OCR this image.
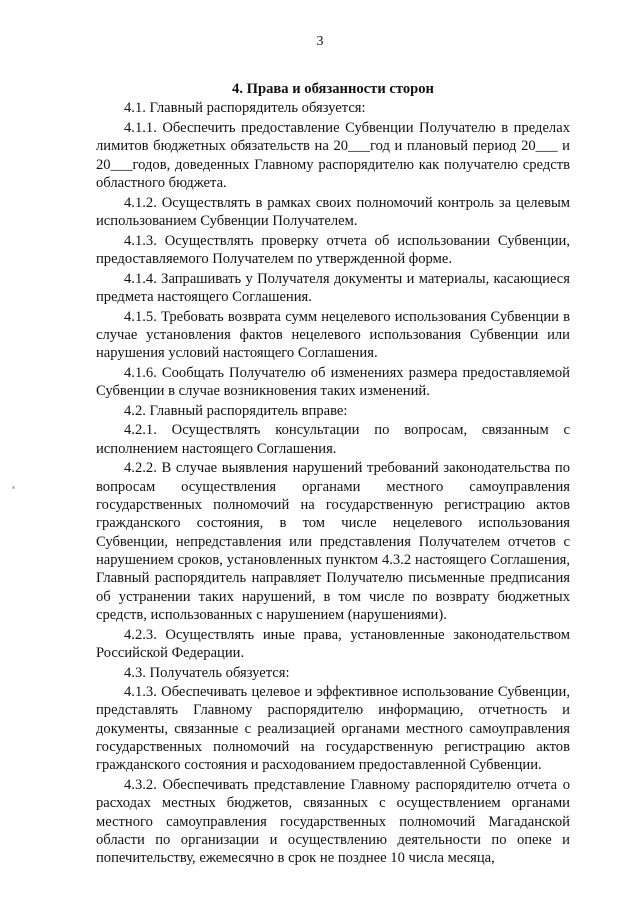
3
4. Права и обязанности сторон

4.1. Главный распорядитель обязуется:

4.1.1. Обеспечить предоставление Субвенции Получателю в пределах лимитов бюджетных обязательств на 20___год и плановый период 20___ и 20___годов, доведенных Главному распорядителю как получателю средств областного бюджета.

4.1.2. Осуществлять в рамках своих полномочий контроль за целевым использованием Субвенции Получателем.

4.1.3. Осуществлять проверку отчета об использовании Субвенции, предоставляемого Получателем по утвержденной форме.

4.1.4. Запрашивать у Получателя документы и материалы, касающиеся предмета настоящего Соглашения.

4.1.5. Требовать возврата сумм нецелевого использования Субвенции в случае установления фактов нецелевого использования Субвенции или нарушения условий настоящего Соглашения.

4.1.6. Сообщать Получателю об изменениях размера предоставляемой Субвенции в случае возникновения таких изменений.

4.2. Главный распорядитель вправе:

4.2.1. Осуществлять консультации по вопросам, связанным с исполнением настоящего Соглашения.

4.2.2. В случае выявления нарушений требований законодательства по вопросам осуществления органами местного самоуправления государственных полномочий на государственную регистрацию актов гражданского состояния, в том числе нецелевого использования Субвенции, непредставления или представления Получателем отчетов с нарушением сроков, установленных пунктом 4.3.2 настоящего Соглашения, Главный распорядитель направляет Получателю письменные предписания об устранении таких нарушений, в том числе по возврату бюджетных средств, использованных с нарушением (нарушениями).

4.2.3. Осуществлять иные права, установленные законодательством Российской Федерации.

4.3. Получатель обязуется:

4.1.3. Обеспечивать целевое и эффективное использование Субвенции, представлять Главному распорядителю информацию, отчетность и документы, связанные с реализацией органами местного самоуправления государственных полномочий на государственную регистрацию актов гражданского состояния и расходованием предоставленной Субвенции.

4.3.2. Обеспечивать представление Главному распорядителю отчета о расходах местных бюджетов, связанных с осуществлением органами местного самоуправления государственных полномочий Магаданской области по организации и осуществлению деятельности по опеке и попечительству, ежемесячно в срок не позднее 10 числа месяца,
